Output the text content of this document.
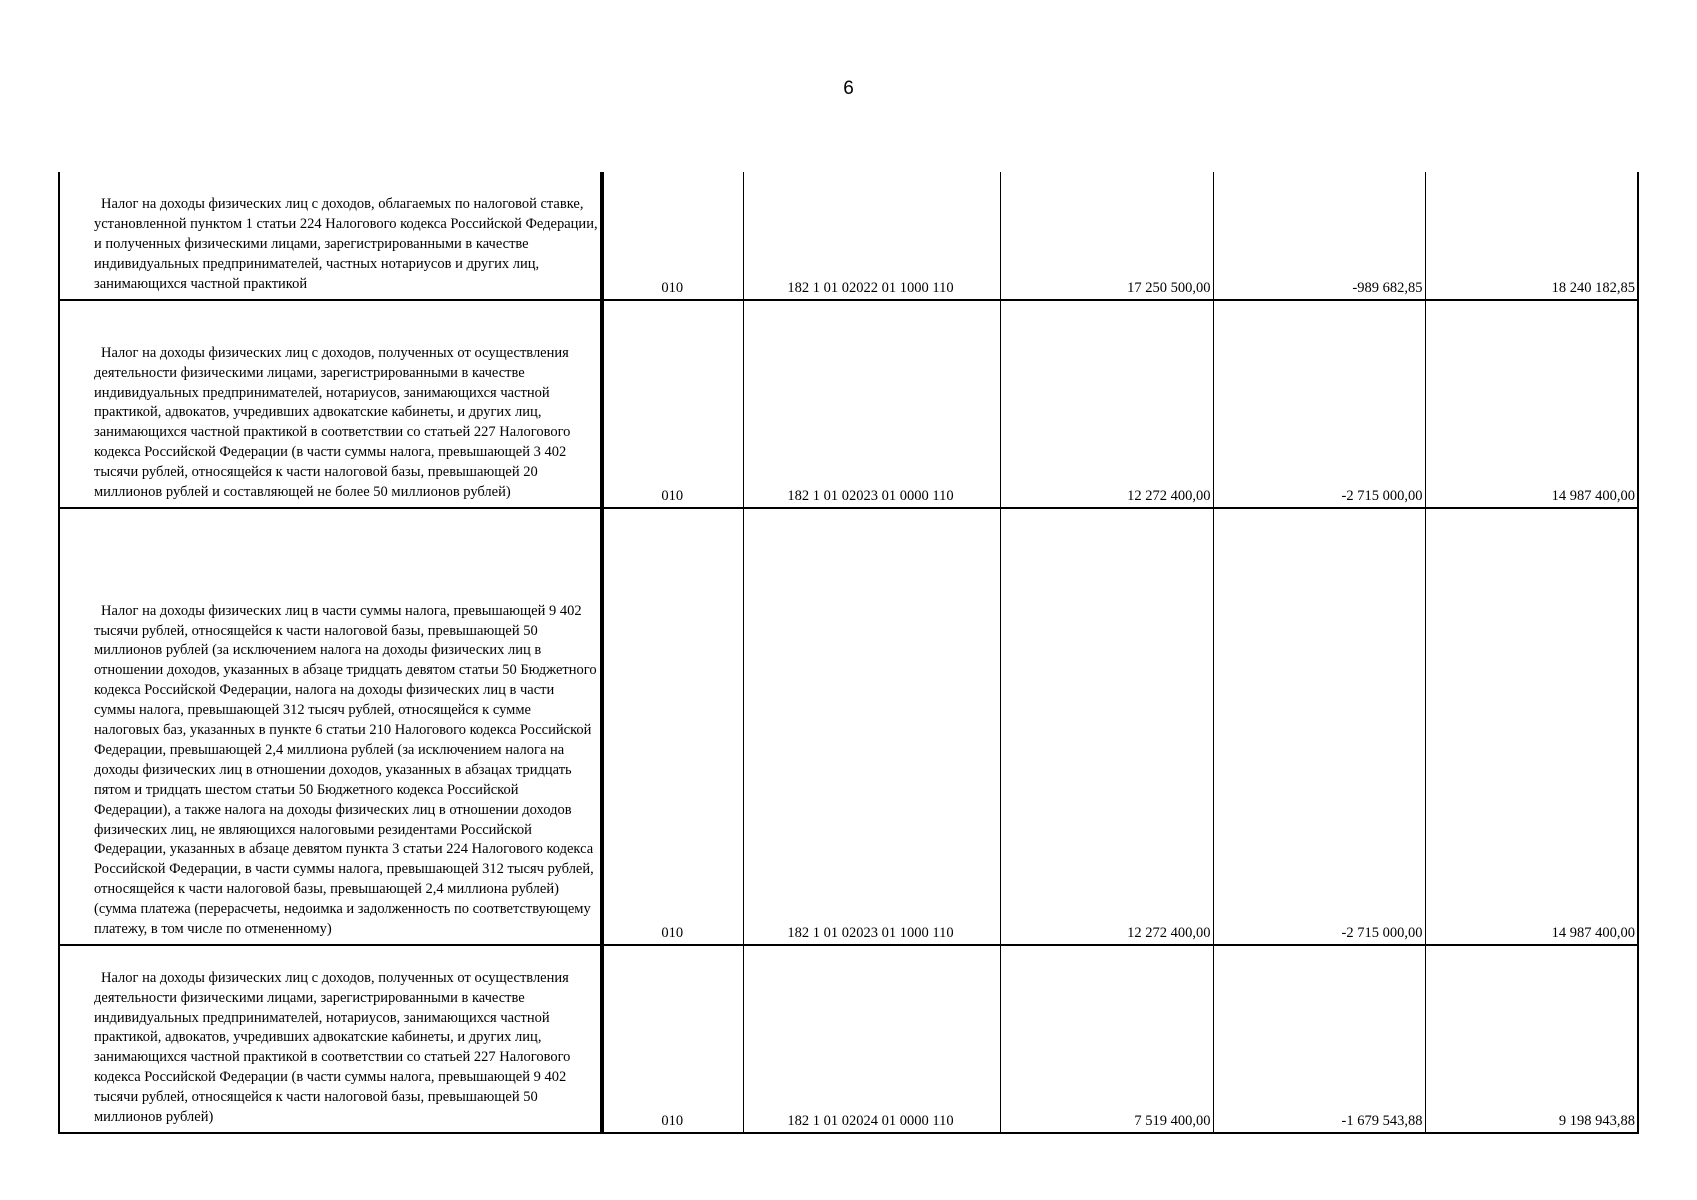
6
Налог на доходы физических лиц с доходов, облагаемых по налоговой ставке, установленной пунктом 1 статьи 224 Налогового кодекса Российской Федерации, и полученных физическими лицами, зарегистрированными в качестве индивидуальных предпринимателей, частных нотариусов и других лиц, занимающихся частной практикой	010	182 1 01 02022 01 1000 110	17 250 500,00	-989 682,85	18 240 182,85
Налог на доходы физических лиц с доходов, полученных от осуществления деятельности физическими лицами, зарегистрированными в качестве индивидуальных предпринимателей, нотариусов, занимающихся частной практикой, адвокатов, учредивших адвокатские кабинеты, и других лиц, занимающихся частной практикой в соответствии со статьей 227 Налогового кодекса Российской Федерации (в части суммы налога, превышающей 3 402 тысячи рублей, относящейся к части налоговой базы, превышающей 20 миллионов рублей и составляющей не более 50 миллионов рублей)	010	182 1 01 02023 01 0000 110	12 272 400,00	-2 715 000,00	14 987 400,00
Налог на доходы физических лиц в части суммы налога, превышающей 9 402 тысячи рублей, относящейся к части налоговой базы, превышающей 50 миллионов рублей (за исключением налога на доходы физических лиц в отношении доходов, указанных в абзаце тридцать девятом статьи 50 Бюджетного кодекса Российской Федерации, налога на доходы физических лиц в части суммы налога, превышающей 312 тысяч рублей, относящейся к сумме налоговых баз, указанных в пункте 6 статьи 210 Налогового кодекса Российской Федерации, превышающей 2,4 миллиона рублей (за исключением налога на доходы физических лиц в отношении доходов, указанных в абзацах тридцать пятом и тридцать шестом статьи 50 Бюджетного кодекса Российской Федерации), а также налога на доходы физических лиц в отношении доходов физических лиц, не являющихся налоговыми резидентами Российской Федерации, указанных в абзаце девятом пункта 3 статьи 224 Налогового кодекса Российской Федерации, в части суммы налога, превышающей 312 тысяч рублей, относящейся к части налоговой базы, превышающей 2,4 миллиона рублей) (сумма платежа (перерасчеты, недоимка и задолженность по соответствующему платежу, в том числе по отмененному)	010	182 1 01 02023 01 1000 110	12 272 400,00	-2 715 000,00	14 987 400,00
Налог на доходы физических лиц с доходов, полученных от осуществления деятельности физическими лицами, зарегистрированными в качестве индивидуальных предпринимателей, нотариусов, занимающихся частной практикой, адвокатов, учредивших адвокатские кабинеты, и других лиц, занимающихся частной практикой в соответствии со статьей 227 Налогового кодекса Российской Федерации (в части суммы налога, превышающей 9 402 тысячи рублей, относящейся к части налоговой базы, превышающей 50 миллионов рублей)	010	182 1 01 02024 01 0000 110	7 519 400,00	-1 679 543,88	9 198 943,88
